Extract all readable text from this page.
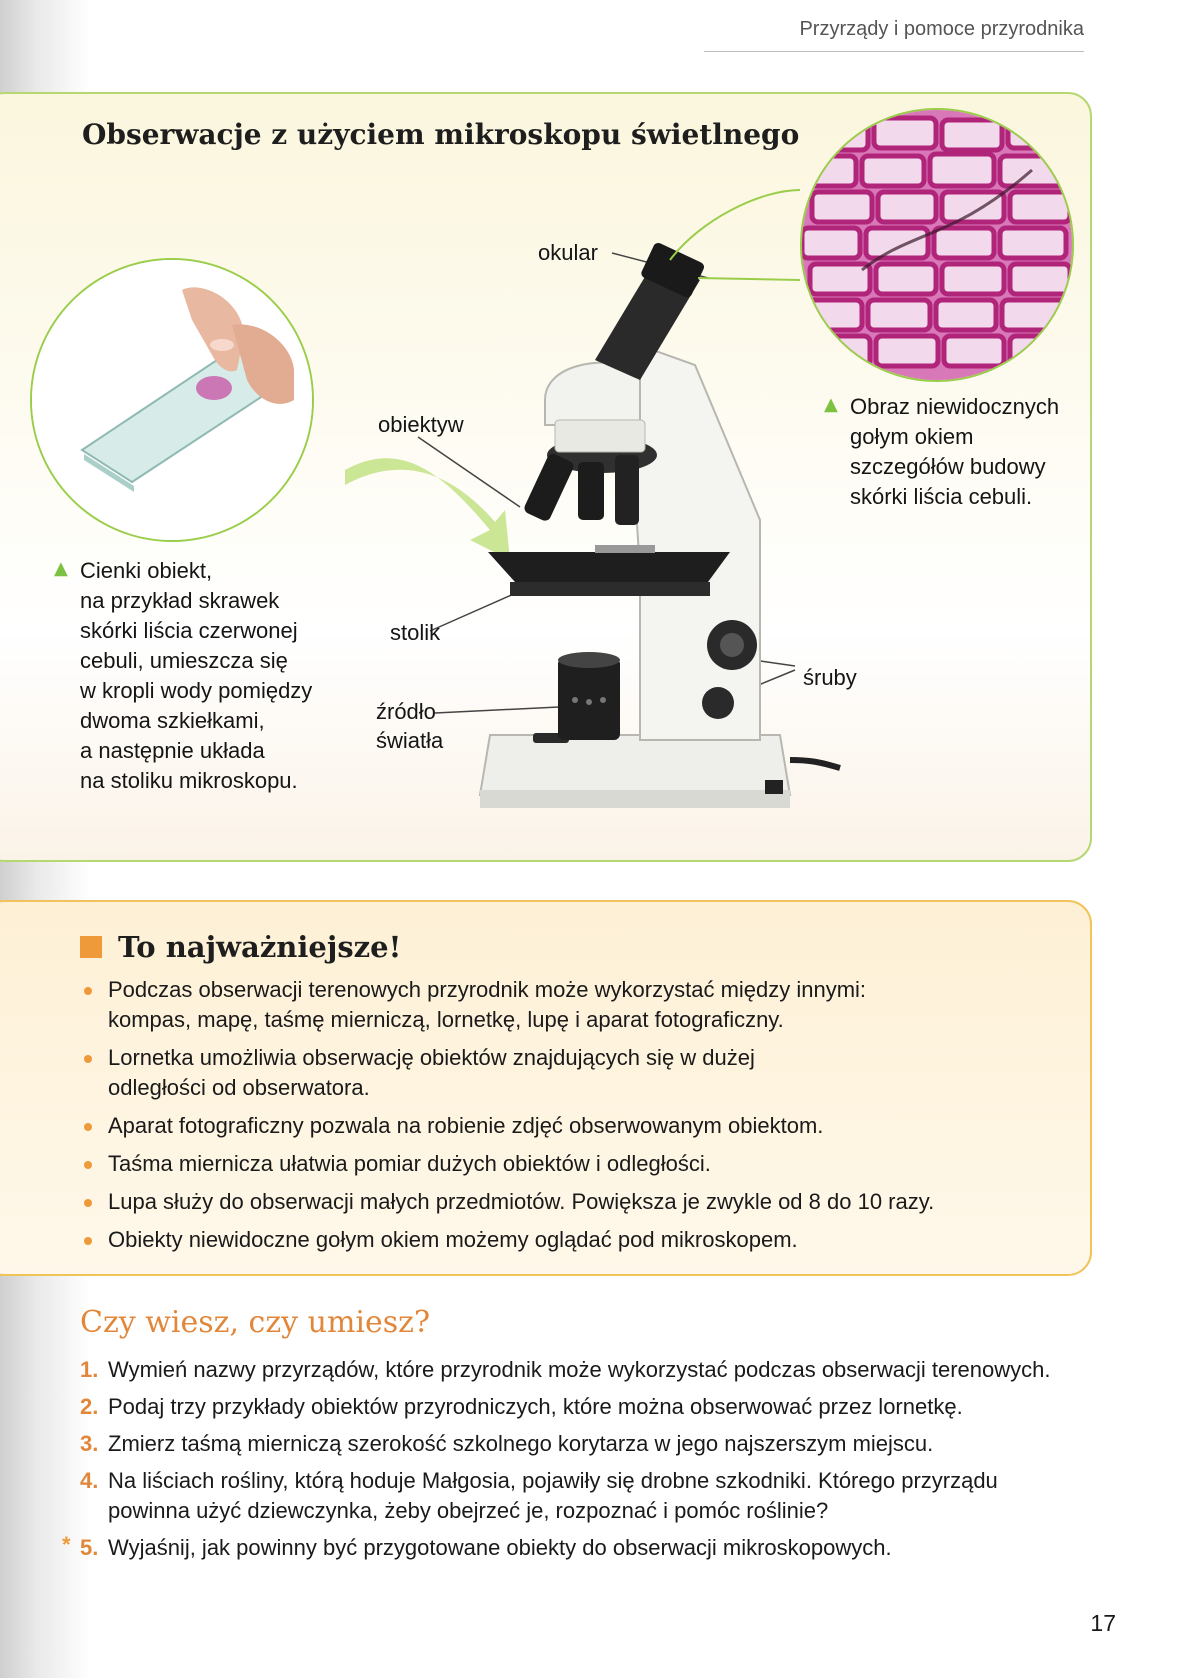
Przyrządy i pomoce przyrodnika
Obserwacje z użyciem mikroskopu świetlnego
okular
obiektyw
stolik
źródło
światła
śruby
▲ Cienki obiekt,
na przykład skrawek
skórki liścia czerwonej
cebuli, umieszcza się
w kropli wody pomiędzy
dwoma szkiełkami,
a następnie układa
na stoliku mikroskopu.
▲ Obraz niewidocznych
gołym okiem
szczegółów budowy
skórki liścia cebuli.
To najważniejsze!
Podczas obserwacji terenowych przyrodnik może wykorzystać między innymi:
kompas, mapę, taśmę mierniczą, lornetkę, lupę i aparat fotograficzny.
Lornetka umożliwia obserwację obiektów znajdujących się w dużej
odległości od obserwatora.
Aparat fotograficzny pozwala na robienie zdjęć obserwowanym obiektom.
Taśma miernicza ułatwia pomiar dużych obiektów i odległości.
Lupa służy do obserwacji małych przedmiotów. Powiększa je zwykle od 8 do 10 razy.
Obiekty niewidoczne gołym okiem możemy oglądać pod mikroskopem.
Czy wiesz, czy umiesz?
1. Wymień nazwy przyrządów, które przyrodnik może wykorzystać podczas obserwacji terenowych.
2. Podaj trzy przykłady obiektów przyrodniczych, które można obserwować przez lornetkę.
3. Zmierz taśmą mierniczą szerokość szkolnego korytarza w jego najszerszym miejscu.
4. Na liściach rośliny, którą hoduje Małgosia, pojawiły się drobne szkodniki. Którego przyrządu
powinna użyć dziewczynka, żeby obejrzeć je, rozpoznać i pomóc roślinie?
* 5. Wyjaśnij, jak powinny być przygotowane obiekty do obserwacji mikroskopowych.
17
